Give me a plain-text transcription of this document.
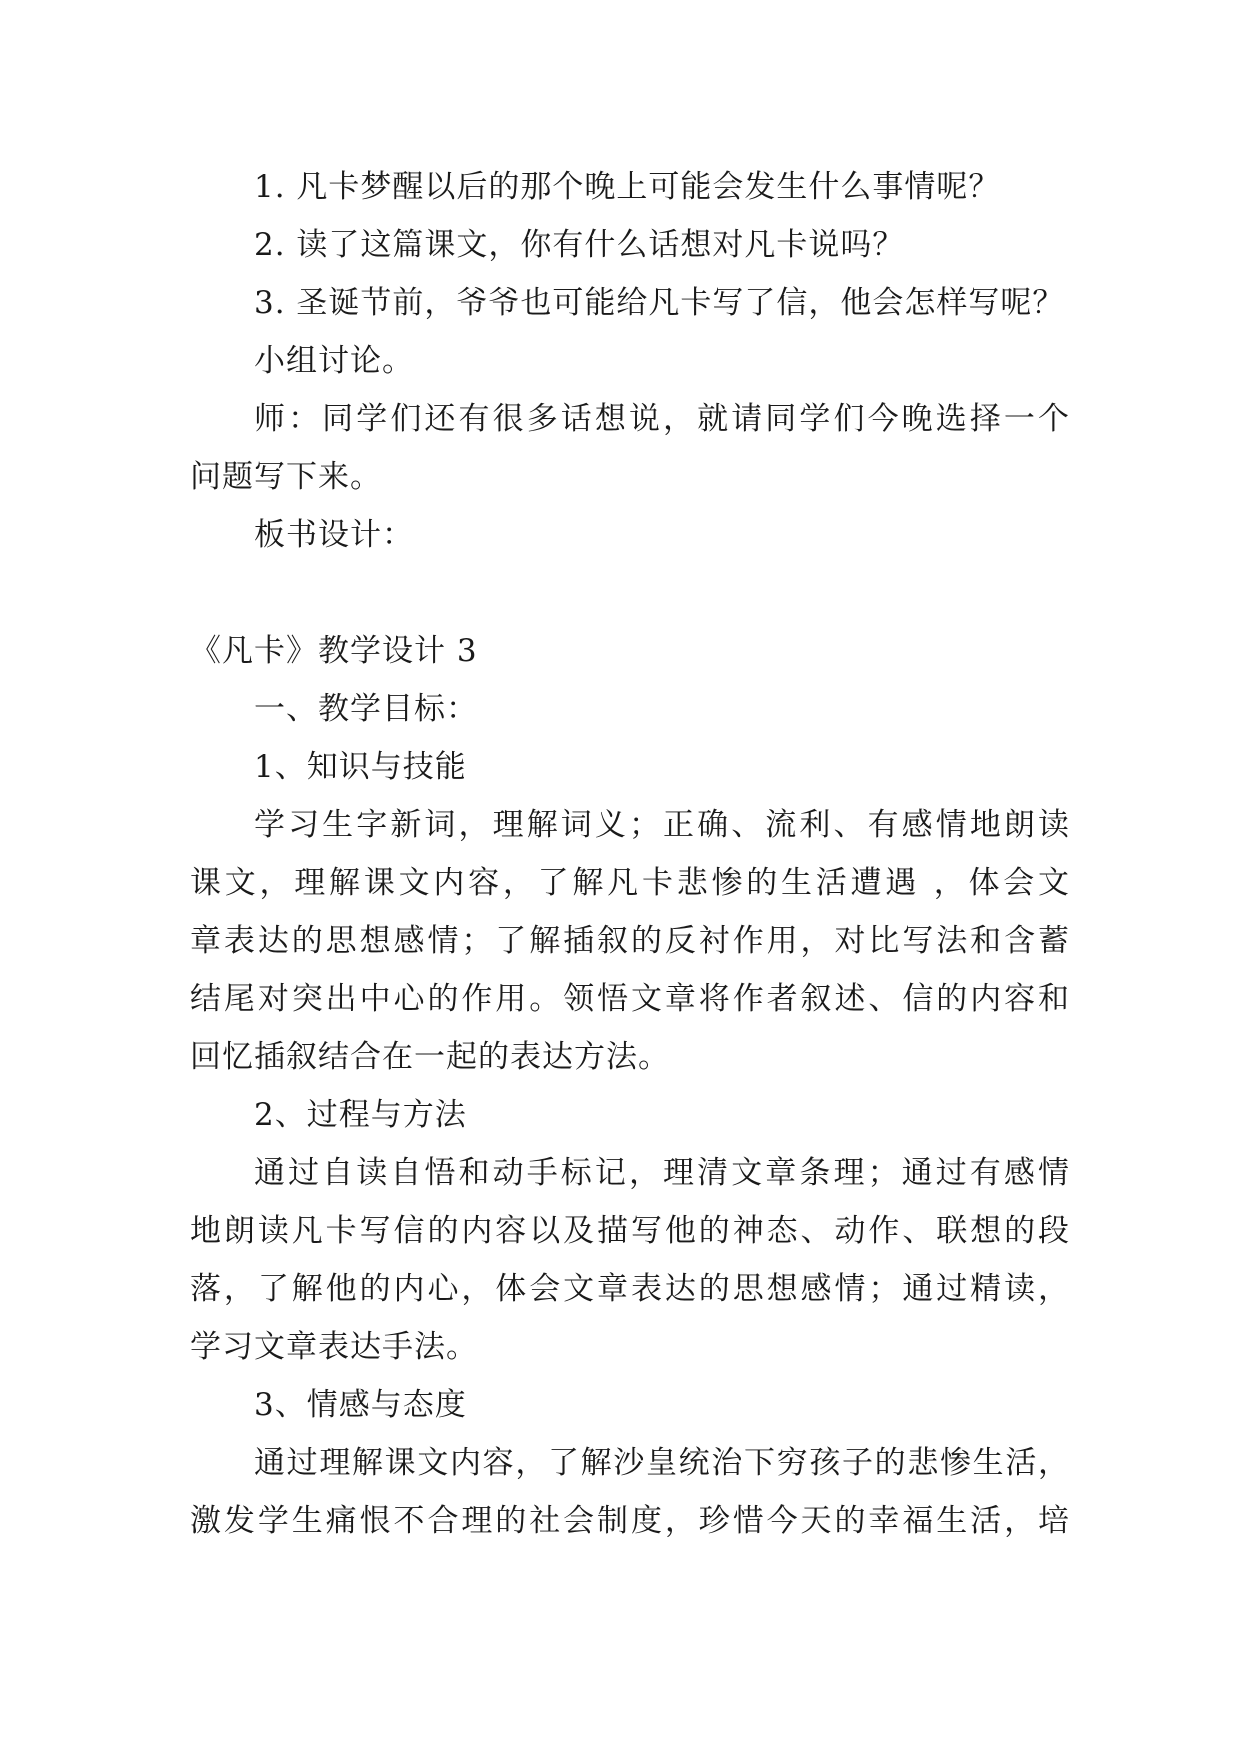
1. 凡卡梦醒以后的那个晚上可能会发生什么事情呢？
2. 读了这篇课文，你有什么话想对凡卡说吗？
3. 圣诞节前，爷爷也可能给凡卡写了信，他会怎样写呢？
小组讨论。
师：同学们还有很多话想说，就请同学们今晚选择一个
问题写下来。
板书设计：
《凡卡》教学设计 3
一、教学目标：
1、知识与技能
学习生字新词，理解词义；正确、流利、有感情地朗读
课文，理解课文内容，了解凡卡悲惨的生活遭遇 ，体会文
章表达的思想感情；了解插叙的反衬作用，对比写法和含蓄
结尾对突出中心的作用。领悟文章将作者叙述、信的内容和
回忆插叙结合在一起的表达方法。
2、过程与方法
通过自读自悟和动手标记，理清文章条理；通过有感情
地朗读凡卡写信的内容以及描写他的神态、动作、联想的段
落，了解他的内心，体会文章表达的思想感情；通过精读，
学习文章表达手法。
3、情感与态度
通过理解课文内容，了解沙皇统治下穷孩子的悲惨生活，
激发学生痛恨不合理的社会制度，珍惜今天的幸福生活，培
